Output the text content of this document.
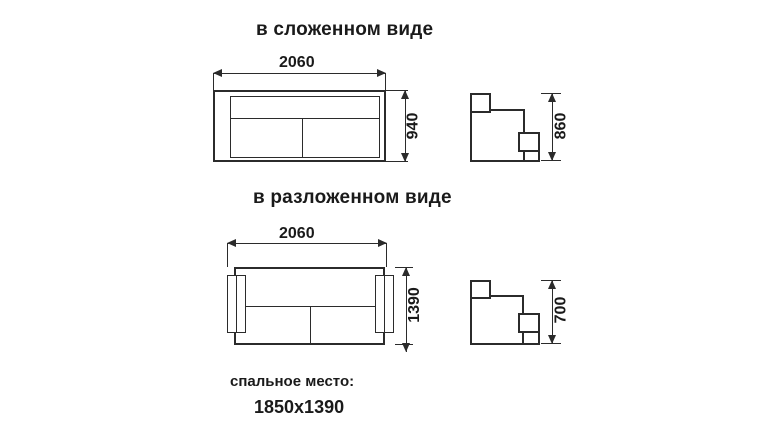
в сложенном виде
2060
940	860
в разложенном виде
2060
1390	700
спальное место:
1850x1390
